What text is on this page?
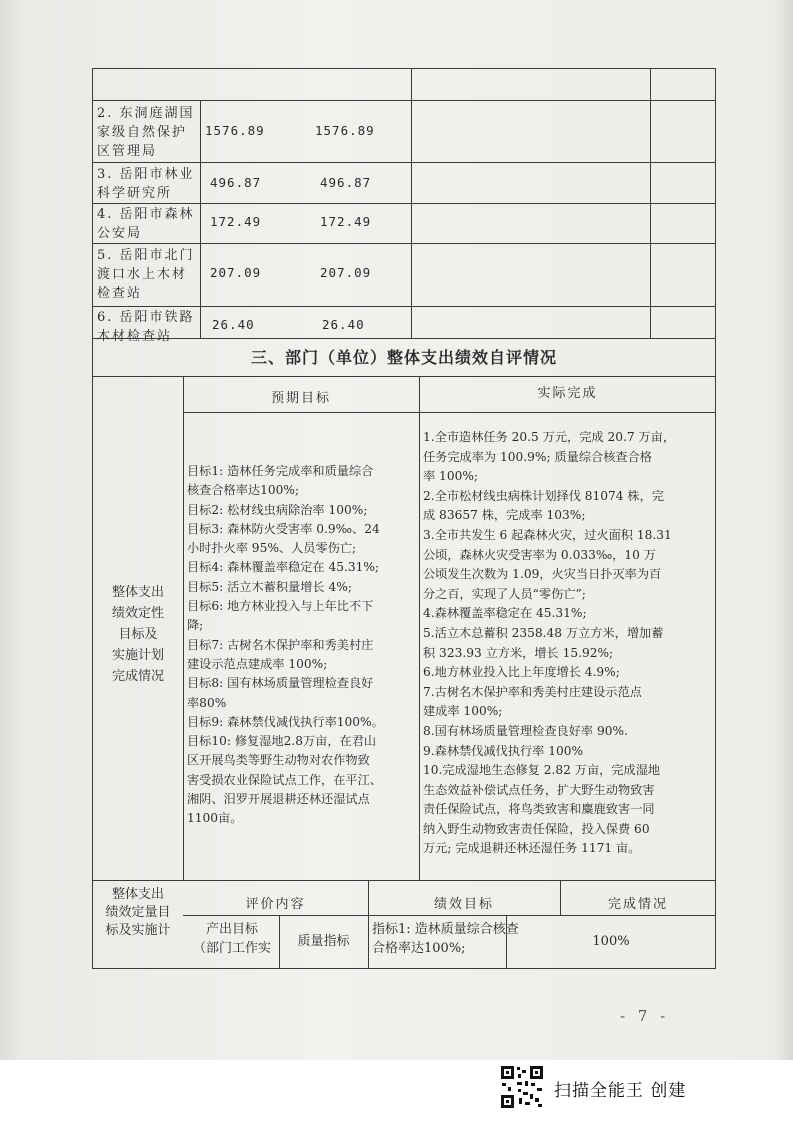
2. 东洞庭湖国
家级自然保护
区管理局
1576.89	1576.89
3. 岳阳市林业
科学研究所
496.87	496.87
4. 岳阳市森林
公安局
172.49	172.49
5. 岳阳市北门
渡口水上木材
检查站
207.09	207.09
6. 岳阳市铁路
木材检查站
26.40	26.40
三、部门（单位）整体支出绩效自评情况
预期目标	实际完成
整体支出
绩效定性
目标及
实施计划
完成情况
目标1: 造林任务完成率和质量综合
核查合格率达100%;
目标2: 松材线虫病除治率 100%;
目标3: 森林防火受害率 0.9‰、24
小时扑火率 95%、人员零伤亡;
目标4: 森林覆盖率稳定在 45.31%;
目标5: 活立木蓄积量增长 4%;
目标6: 地方林业投入与上年比不下
降;
目标7: 古树名木保护率和秀美村庄
建设示范点建成率 100%;
目标8: 国有林场质量管理检查良好
率80%
目标9: 森林禁伐减伐执行率100%。
目标10: 修复湿地2.8万亩，在君山
区开展鸟类等野生动物对农作物致
害受损农业保险试点工作，在平江、
湘阴、汨罗开展退耕还林还湿试点
1100亩。
1.全市造林任务 20.5 万元，完成 20.7 万亩，
任务完成率为 100.9%; 质量综合核查合格
率 100%;
2.全市松材线虫病株计划择伐 81074 株，完
成 83657 株，完成率 103%;
3.全市共发生 6 起森林火灾，过火面积 18.31
公顷，森林火灾受害率为 0.033‰，10 万
公顷发生次数为 1.09，火灾当日扑灭率为百
分之百，实现了人员“零伤亡”;
4.森林覆盖率稳定在 45.31%;
5.活立木总蓄积 2358.48 万立方米，增加蓄
积 323.93 立方米，增长 15.92%;
6.地方林业投入比上年度增长 4.9%;
7.古树名木保护率和秀美村庄建设示范点
建成率 100%;
8.国有林场质量管理检查良好率 90%.
9.森林禁伐减伐执行率 100%
10.完成湿地生态修复 2.82 万亩，完成湿地
生态效益补偿试点任务，扩大野生动物致害
责任保险试点，将鸟类致害和麋鹿致害一同
纳入野生动物致害责任保险，投入保费 60
万元; 完成退耕还林还湿任务 1171 亩。
整体支出
绩效定量目
标及实施计
评价内容	绩效目标	完成情况
产出目标
（部门工作实	质量指标
指标1: 造林质量综合核查
合格率达100%;	100%
- 7 -
扫描全能王 创建
